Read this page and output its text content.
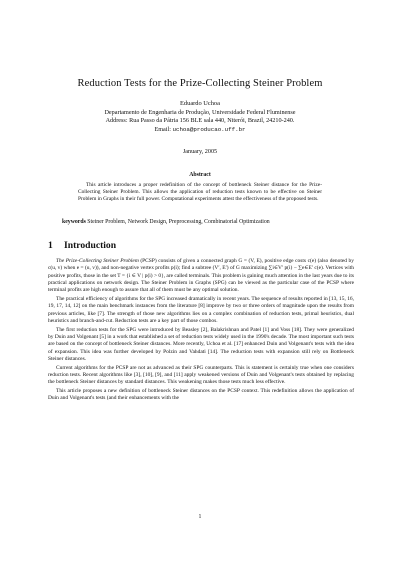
Reduction Tests for the Prize-Collecting Steiner Problem
Eduardo Uchoa
Departamento de Engenharia de Produção, Universidade Federal Fluminense
Address: Rua Passo da Pátria 156 BLE sala 440, Niterói, Brazil, 24210-240.
Email: uchoa@producao.uff.br
January, 2005
Abstract
This article introduces a proper redefinition of the concept of bottleneck Steiner distance for the Prize-Collecting Steiner Problem. This allows the application of reduction tests known to be effective on Steiner Problem in Graphs in their full power. Computational experiments attest the effectiveness of the proposed tests.
keywords Steiner Problem, Network Design, Preprocessing, Combinatorial Optimization
1 Introduction

The Prize-Collecting Steiner Problem (PCSP) consists of given a connected graph G = (V, E), positive edge costs c(e) (also denoted by c(u, v) when e = (u, v)), and non-negative vertex profits p(i); find a subtree (V′, E′) of G maximizing ∑i∈V′ p(i) − ∑e∈E′ c(e). Vertices with positive profits, those in the set T = {i ∈ V | p(i) > 0}, are called terminals. This problem is gaining much attention in the last years due to its practical applications on network design. The Steiner Problem in Graphs (SPG) can be viewed as the particular case of the PCSP where terminal profits are high enough to assure that all of them must be any optimal solution.

The practical efficiency of algorithms for the SPG increased dramatically in recent years. The sequence of results reported in [13, 15, 16, 19, 17, 14, 12] on the main benchmark instances from the literature [8] improve by two or three orders of magnitude upon the results from previous articles, like [7]. The strength of those new algorithms lies on a complex combination of reduction tests, primal heuristics, dual heuristics and branch-and-cut. Reduction tests are a key part of those combos.

The first reduction tests for the SPG were introduced by Beasley [2], Balakrishnan and Patel [1] and Voss [18]. They were generalized by Duin and Volgenant [5] in a work that established a set of reduction tests widely used in the 1990's decade. The most important such tests are based on the concept of bottleneck Steiner distances. More recently, Uchoa et al. [17] enhanced Duin and Volgenant's tests with the idea of expansion. This idea was further developed by Polzin and Vahdati [14]. The reduction tests with expansion still rely on Bottleneck Steiner distances.

Current algorithms for the PCSP are not as advanced as their SPG counterparts. This is statement is certainly true when one considers reduction tests. Recent algorithms like [3], [10], [9], and [11] apply weakened versions of Duin and Volgenant's tests obtained by replacing the bottleneck Steiner distances by standard distances. This weakening makes those tests much less effective.

This article proposes a new definition of bottleneck Steiner distances on the PCSP context. This redefinition allows the application of Duin and Volgenant's tests (and their enhancements with the

1
